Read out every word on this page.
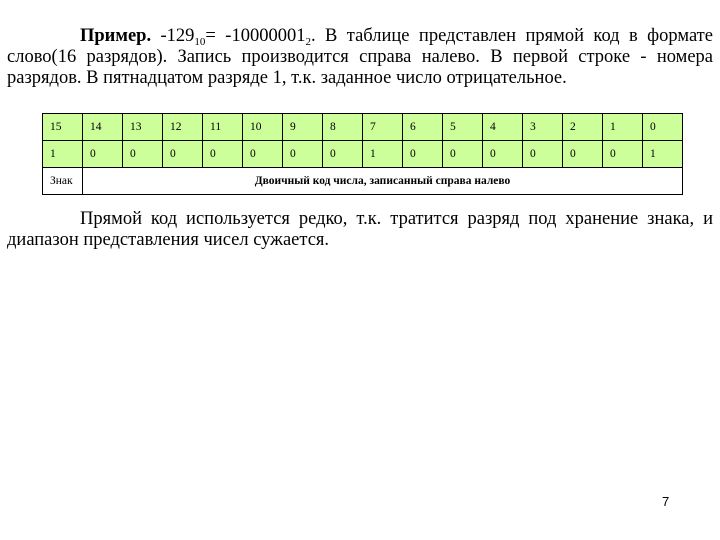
Пример. $-129_{10}= -10000001_2$. В таблице представлен прямой код в формате слово(16 разрядов). Запись производится справа налево. В первой строке - номера разрядов. В пятнадцатом разряде 1, т.к. заданное число отрицательное.

15	14	13	12	11	10	9	8	7	6	5	4	3	2	1	0
1	0	0	0	0	0	0	0	1	0	0	0	0	0	0	1
Знак	Двоичный код числа, записанный справа налево														

Прямой код используется редко, т.к. тратится разряд под хранение знака, и диапазон представления чисел сужается.

7
